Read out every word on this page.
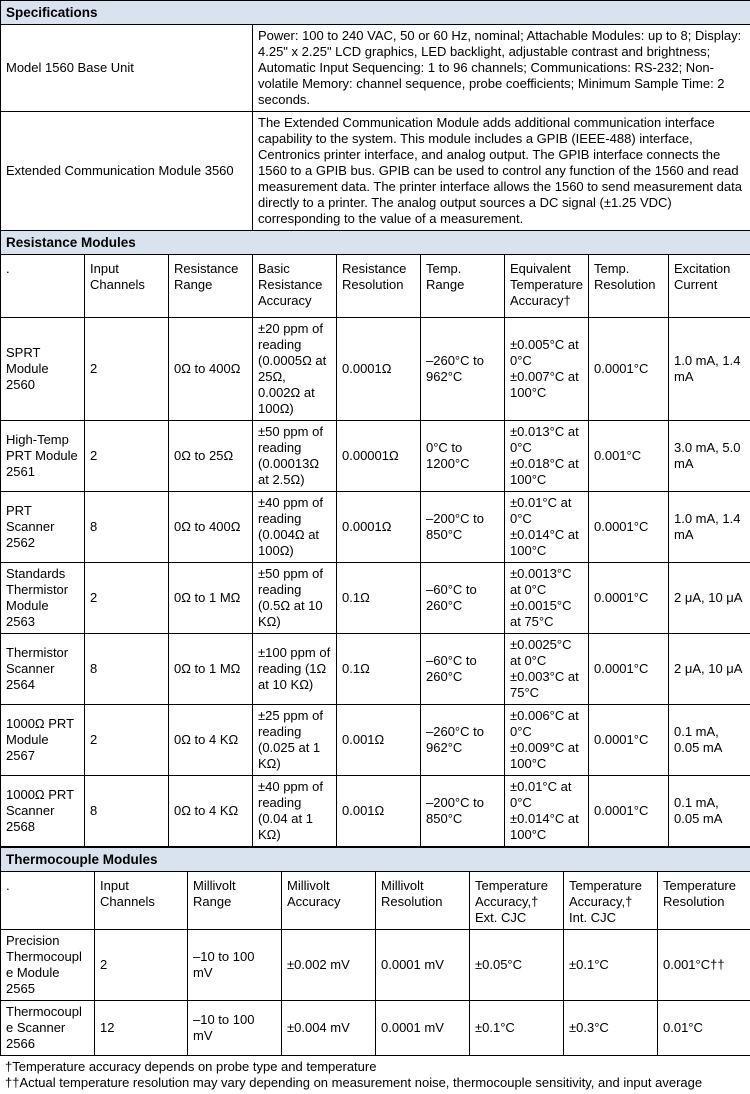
Specifications								
Model 1560 Base Unit			Power: 100 to 240 VAC, 50 or 60 Hz, nominal; Attachable Modules: up to 8; Display: 4.25" x 2.25" LCD graphics, LED backlight, adjustable contrast and brightness; Automatic Input Sequencing: 1 to 96 channels; Communications: RS-232; Non-volatile Memory: channel sequence, probe coefficients; Minimum Sample Time: 2 seconds.					
Extended Communication Module 3560			The Extended Communication Module adds additional communication interface capability to the system. This module includes a GPIB (IEEE-488) interface, Centronics printer interface, and analog output. The GPIB interface connects the 1560 to a GPIB bus. GPIB can be used to control any function of the 1560 and read measurement data. The printer interface allows the 1560 to send measurement data directly to a printer. The analog output sources a DC signal (±1.25 VDC) corresponding to the value of a measurement.					
Resistance Modules								
.	Input Channels	Resistance Range	Basic Resistance Accuracy	Resistance Resolution	Temp. Range	Equivalent Temperature Accuracy†	Temp. Resolution	Excitation Current
SPRT Module 2560	2	0Ω to 400Ω	±20 ppm of reading (0.0005Ω at 25Ω, 0.002Ω at 100Ω)	0.0001Ω	–260°C to 962°C	±0.005°C at 0°C ±0.007°C at 100°C	0.0001°C	1.0 mA, 1.4 mA
High-Temp PRT Module 2561	2	0Ω to 25Ω	±50 ppm of reading (0.00013Ω at 2.5Ω)	0.00001Ω	0°C to 1200°C	±0.013°C at 0°C ±0.018°C at 100°C	0.001°C	3.0 mA, 5.0 mA
PRT Scanner 2562	8	0Ω to 400Ω	±40 ppm of reading (0.004Ω at 100Ω)	0.0001Ω	–200°C to 850°C	±0.01°C at 0°C ±0.014°C at 100°C	0.0001°C	1.0 mA, 1.4 mA
Standards Thermistor Module 2563	2	0Ω to 1 MΩ	±50 ppm of reading (0.5Ω at 10 KΩ)	0.1Ω	–60°C to 260°C	±0.0013°C at 0°C ±0.0015°C at 75°C	0.0001°C	2 μA, 10 μA
Thermistor Scanner 2564	8	0Ω to 1 MΩ	±100 ppm of reading (1Ω at 10 KΩ)	0.1Ω	–60°C to 260°C	±0.0025°C at 0°C ±0.003°C at 75°C	0.0001°C	2 μA, 10 μA
1000Ω PRT Module 2567	2	0Ω to 4 KΩ	±25 ppm of reading (0.025 at 1 KΩ)	0.001Ω	–260°C to 962°C	±0.006°C at 0°C ±0.009°C at 100°C	0.0001°C	0.1 mA, 0.05 mA
1000Ω PRT Scanner 2568	8	0Ω to 4 KΩ	±40 ppm of reading (0.04 at 1 KΩ)	0.001Ω	–200°C to 850°C	±0.01°C at 0°C ±0.014°C at 100°C	0.0001°C	0.1 mA, 0.05 mA
Thermocouple Modules							
.	Input Channels	Millivolt Range	Millivolt Accuracy	Millivolt Resolution	Temperature Accuracy,† Ext. CJC	Temperature Accuracy,† Int. CJC	Temperature Resolution
Precision Thermocouple Module 2565	2	–10 to 100 mV	±0.002 mV	0.0001 mV	±0.05°C	±0.1°C	0.001°C††
Thermocouple Scanner 2566	12	–10 to 100 mV	±0.004 mV	0.0001 mV	±0.1°C	±0.3°C	0.01°C
†Temperature accuracy depends on probe type and temperature
††Actual temperature resolution may vary depending on measurement noise, thermocouple sensitivity, and input average
